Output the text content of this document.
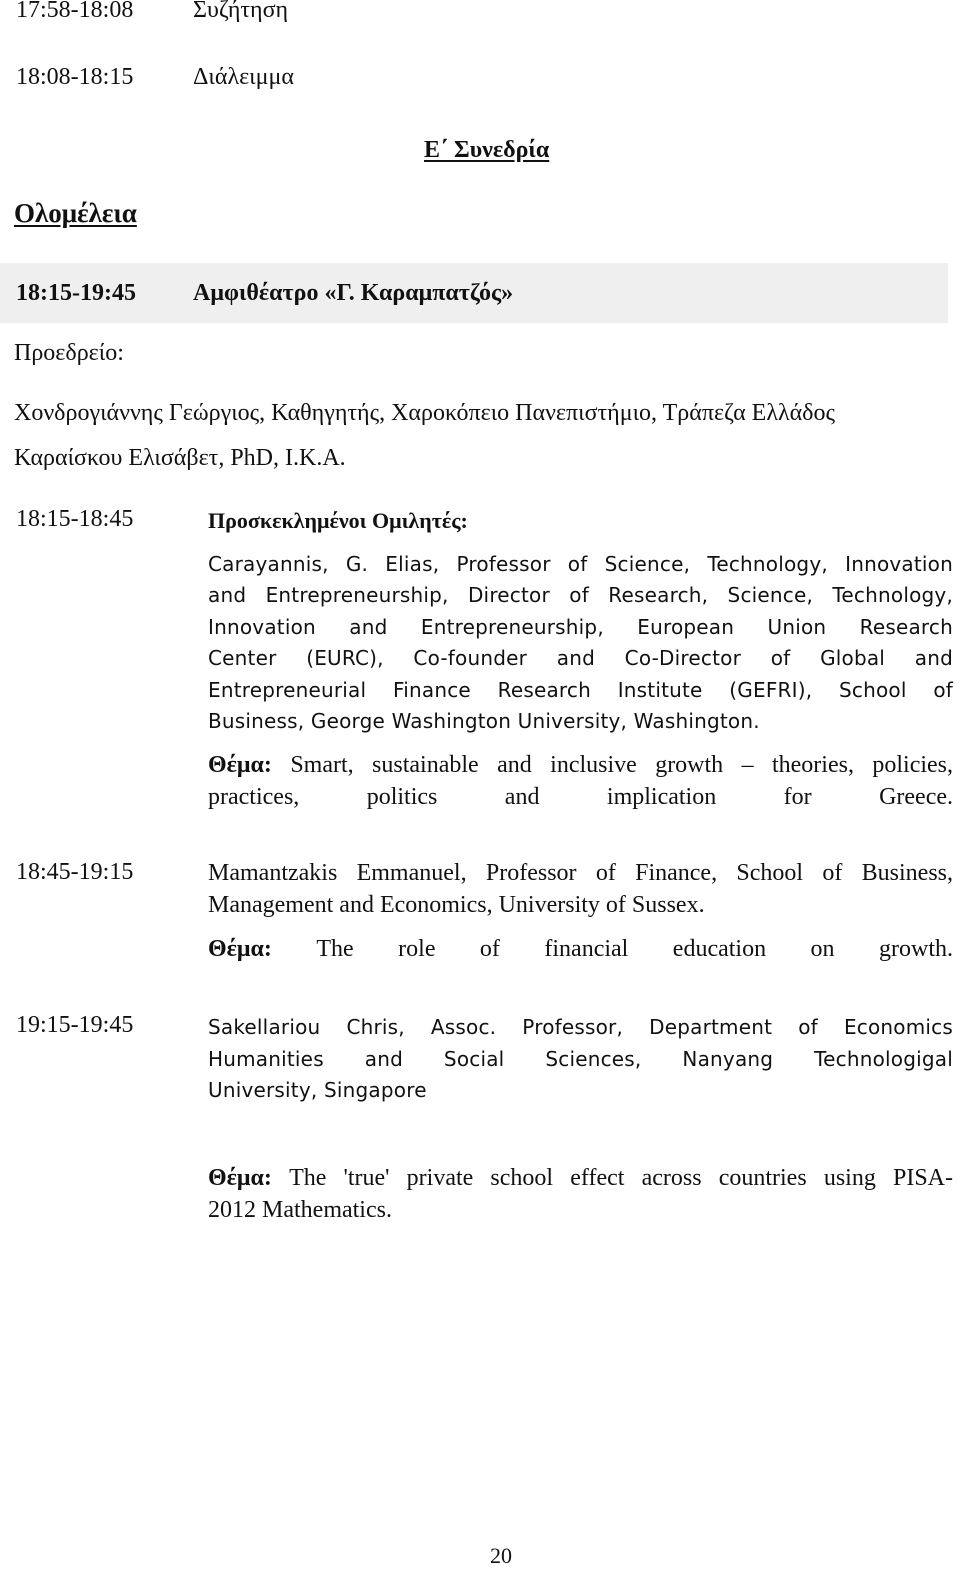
17:58-18:08 Συζήτηση
18:08-18:15 Διάλειμμα
Ε΄ Συνεδρία
Ολομέλεια
18:15-19:45 Αμφιθέατρο «Γ. Καραμπατζός»
Προεδρείο:
Χονδρογιάννης Γεώργιος, Καθηγητής, Χαροκόπειο Πανεπιστήμιο, Τράπεζα Ελλάδος
Καραίσκου Ελισάβετ, PhD, I.K.A.
18:15-18:45	Προσκεκλημένοι Ομιλητές:
Carayannis, G. Elias, Professor of Science, Technology, Innovation
and Entrepreneurship, Director of Research, Science, Technology,
Innovation and Entrepreneurship, European Union Research
Center (EURC), Co-founder and Co-Director of Global and
Entrepreneurial Finance Research Institute (GEFRI), School of
Business, George Washington University, Washington.
Θέμα: Smart, sustainable and inclusive growth – theories, policies,
practices, politics and implication for Greece.
18:45-19:15	Mamantzakis Emmanuel, Professor of Finance, School of Business,
Management and Economics, University of Sussex.
Θέμα: The role of financial education on growth.
19:15-19:45	Sakellariou Chris, Assoc. Professor, Department of Economics
Humanities and Social Sciences, Nanyang Technologigal
University, Singapore
Θέμα: The 'true' private school effect across countries using PISA-
2012 Mathematics.
20
